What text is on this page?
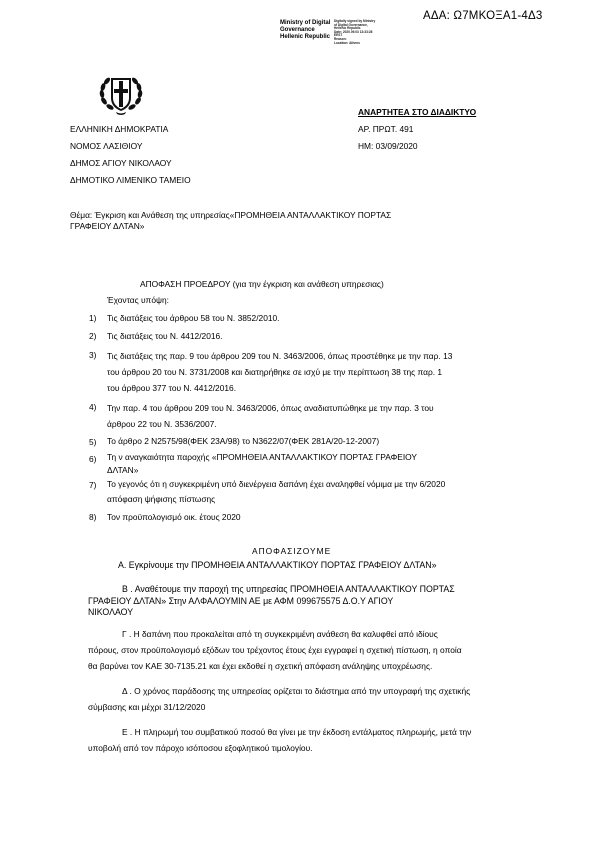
ΑΔΑ: Ω7ΜΚΟΞΑ1-4Δ3
Ministry of Digital
Governance
Hellenic Republic
Digitally signed by Ministry
of Digital Governance,
Hellenic Republic
Date: 2020.09.03 13:33:28
EEST
Reason:
Location: Athens
ΕΛΛΗΝΙΚΗ ΔΗΜΟΚΡΑΤΙΑ
ΝΟΜΟΣ ΛΑΣΙΘΙΟΥ
ΔΗΜΟΣ ΑΓΙΟΥ ΝΙΚΟΛΑΟΥ
ΔΗΜΟΤΙΚΟ ΛΙΜΕΝΙΚΟ ΤΑΜΕΙΟ
ΑΝΑΡΤΗΤΕΑ ΣΤΟ ΔΙΑΔΙΚΤΥΟ
ΑΡ. ΠΡΩΤ. 491
ΗΜ: 03/09/2020
Θέμα: Έγκριση και Ανάθεση της υπηρεσίας«ΠΡΟΜΗΘΕΙΑ ΑΝΤΑΛΛΑΚΤΙΚΟΥ ΠΟΡΤΑΣ
ΓΡΑΦΕΙΟΥ ΔΛΤΑΝ»
ΑΠΟΦΑΣΗ ΠΡΟΕΔΡΟΥ (για την έγκριση και ανάθεση υπηρεσιας)
Έχοντας υπόψη:
1) Τις διατάξεις του άρθρου 58 του Ν. 3852/2010.
2) Τις διατάξεις του Ν. 4412/2016.
3) Τις διατάξεις της παρ. 9 του άρθρου 209 του Ν. 3463/2006, όπως προστέθηκε με την παρ. 13
του άρθρου 20 του Ν. 3731/2008 και διατηρήθηκε σε ισχύ με την περίπτωση 38 της παρ. 1
του άρθρου 377 του Ν. 4412/2016.
4) Την παρ. 4 του άρθρου 209 του Ν. 3463/2006, όπως αναδιατυπώθηκε με την παρ. 3 του
άρθρου 22 του Ν. 3536/2007.
5) Το άρθρο 2 Ν2575/98(ΦΕΚ 23Α/98) το Ν3622/07(ΦΕΚ 281Α/20-12-2007)
6) Τη ν αναγκαιότητα παροχής «ΠΡΟΜΗΘΕΙΑ ΑΝΤΑΛΛΑΚΤΙΚΟΥ ΠΟΡΤΑΣ ΓΡΑΦΕΙΟΥ
ΔΛΤΑΝ»
7) Το γεγονός ότι η συγκεκριμένη υπό διενέργεια δαπάνη έχει αναληφθεί νόμιμα με την 6/2020
απόφαση ψήφισης πίστωσης
8) Τον προϋπολογισμό οικ. έτους 2020
ΑΠΟΦΑΣΙΖΟΥΜΕ
Α. Εγκρίνουμε την ΠΡΟΜΗΘΕΙΑ ΑΝΤΑΛΛΑΚΤΙΚΟΥ ΠΟΡΤΑΣ ΓΡΑΦΕΙΟΥ ΔΛΤΑΝ»
Β . Αναθέτουμε την παροχή της υπηρεσίας ΠΡΟΜΗΘΕΙΑ ΑΝΤΑΛΛΑΚΤΙΚΟΥ ΠΟΡΤΑΣ
ΓΡΑΦΕΙΟΥ ΔΛΤΑΝ» Στην ΑΛΦΑΛΟΥΜΙΝ ΑΕ με ΑΦΜ 099675575 Δ.Ο.Υ ΑΓΙΟΥ
ΝΙΚΟΛΑΟΥ
Γ . Η δαπάνη που προκαλείται από τη συγκεκριμένη ανάθεση θα καλυφθεί από ιδίους
πόρους, στον προϋπολογισμό εξόδων του τρέχοντος έτους έχει εγγραφεί η σχετική πίστωση, η οποία
θα βαρύνει τον ΚΑΕ 30-7135.21 και έχει εκδοθεί η σχετική απόφαση ανάληψης υποχρέωσης.
Δ . Ο χρόνος παράδοσης της υπηρεσίας ορίζεται το διάστημα από την υπογραφή της σχετικής
σύμβασης και μέχρι 31/12/2020
Ε . Η πληρωμή του συμβατικού ποσού θα γίνει με την έκδοση εντάλματος πληρωμής, μετά την
υποβολή από τον πάροχο ισόποσου εξοφλητικού τιμολογίου.
